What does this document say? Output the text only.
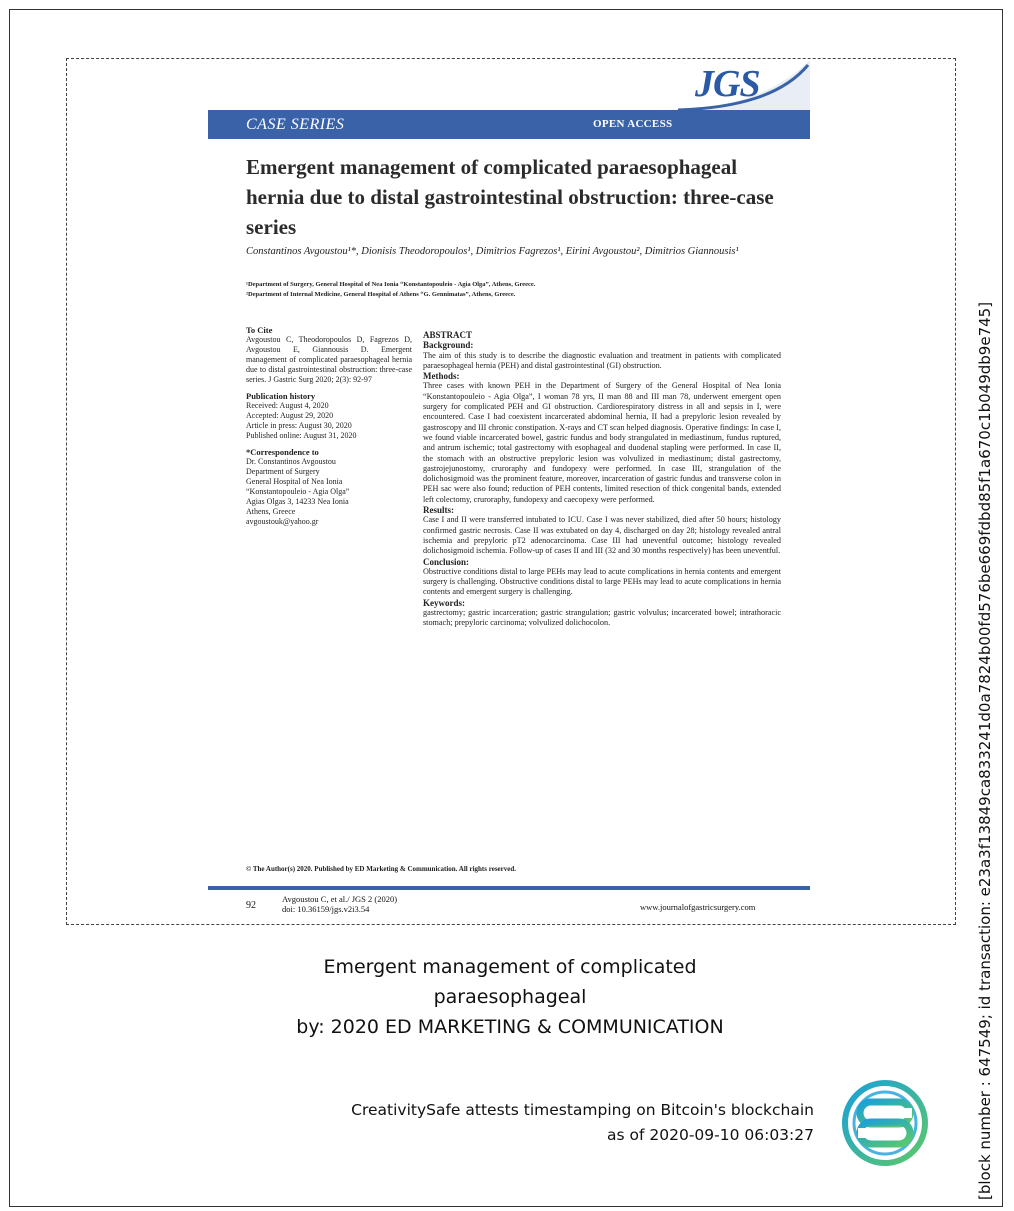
JGS
CASE SERIES	OPEN ACCESS
Emergent management of complicated paraesophageal hernia due to distal gastrointestinal obstruction: three-case series
Constantinos Avgoustou¹*, Dionisis Theodoropoulos¹, Dimitrios Fagrezos¹, Eirini Avgoustou², Dimitrios Giannousis¹
¹Department of Surgery, General Hospital of Nea Ionia “Konstantopouleio - Agia Olga”, Athens, Greece.
²Department of Internal Medicine, General Hospital of Athens “G. Gennimatas”, Athens, Greece.
To Cite
Avgoustou C, Theodoropoulos D, Fagrezos D, Avgoustou E, Giannousis D. Emergent management of complicated paraesophageal hernia due to distal gastrointestinal obstruction: three-case series. J Gastric Surg 2020; 2(3): 92-97
Publication history
Received: August 4, 2020
Accepted: August 29, 2020
Article in press: August 30, 2020
Published online: August 31, 2020
*Correspondence to
Dr. Constantinos Avgoustou
Department of Surgery
General Hospital of Nea Ionia
“Konstantopouleio - Agia Olga”
Agias Olgas 3, 14233 Nea Ionia
Athens, Greece
avgoustouk@yahoo.gr
ABSTRACT
Background:
The aim of this study is to describe the diagnostic evaluation and treatment in patients with complicated paraesophageal hernia (PEH) and distal gastrointestinal (GI) obstruction.
Methods:
Three cases with known PEH in the Department of Surgery of the General Hospital of Nea Ionia “Konstantopouleio - Agia Olga”, I woman 78 yrs, II man 88 and III man 78, underwent emergent open surgery for complicated PEH and GI obstruction. Cardiorespiratory distress in all and sepsis in I, were encountered. Case I had coexistent incarcerated abdominal hernia, II had a prepyloric lesion revealed by gastroscopy and III chronic constipation. X-rays and CT scan helped diagnosis. Operative findings: In case I, we found viable incarcerated bowel, gastric fundus and body strangulated in mediastinum, fundus ruptured, and antrum ischemic; total gastrectomy with esophageal and duodenal stapling were performed. In case II, the stomach with an obstructive prepyloric lesion was volvulized in mediastinum; distal gastrectomy, gastrojejunostomy, cruroraphy and fundopexy were performed. In case III, strangulation of the dolichosigmoid was the prominent feature, moreover, incarceration of gastric fundus and transverse colon in PEH sac were also found; reduction of PEH contents, limited resection of thick congenital bands, extended left colectomy, cruroraphy, fundopexy and caecopexy were performed.
Results:
Case I and II were transferred intubated to ICU. Case I was never stabilized, died after 50 hours; histology confirmed gastric necrosis. Case II was extubated on day 4, discharged on day 28; histology revealed antral ischemia and prepyloric pT2 adenocarcinoma. Case III had uneventful outcome; histology revealed dolichosigmoid ischemia. Follow-up of cases II and III (32 and 30 months respectively) has been uneventful.
Conclusion:
Obstructive conditions distal to large PEHs may lead to acute complications in hernia contents and emergent surgery is challenging. Obstructive conditions distal to large PEHs may lead to acute complications in hernia contents and emergent surgery is challenging.
Keywords:
gastrectomy; gastric incarceration; gastric strangulation; gastric volvulus; incarcerated bowel; intrathoracic stomach; prepyloric carcinoma; volvulized dolichocolon.
© The Author(s) 2020. Published by ED Marketing & Communication. All rights reserved.
92
Avgoustou C, et al./ JGS 2 (2020)
doi: 10.36159/jgs.v2i3.54	www.journalofgastricsurgery.com
Emergent management of complicated
paraesophageal
by: 2020 ED MARKETING & COMMUNICATION
CreativitySafe attests timestamping on Bitcoin's blockchain
as of 2020-09-10 06:03:27	[block number : 647549; id transaction: e23a3f13849ca833241d0a7824b00fd576be669fdbd85f1a670c1b049db9e745]
